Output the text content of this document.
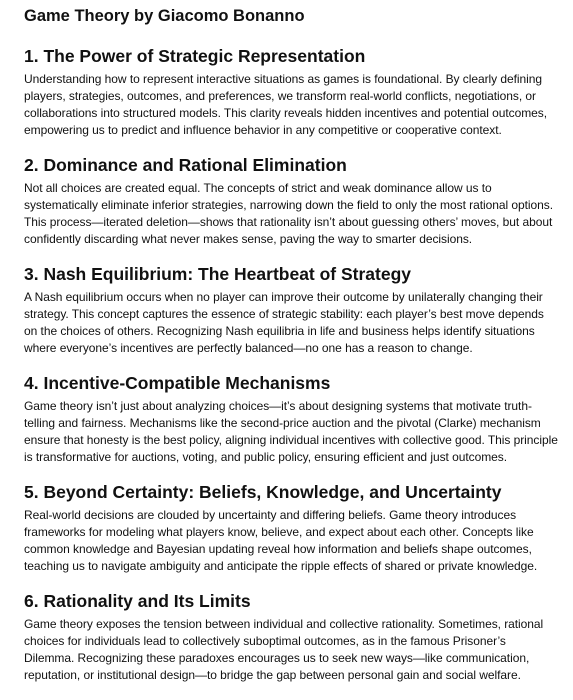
Game Theory by Giacomo Bonanno
1. The Power of Strategic Representation

Understanding how to represent interactive situations as games is foundational. By clearly defining players, strategies, outcomes, and preferences, we transform real-world conflicts, negotiations, or collaborations into structured models. This clarity reveals hidden incentives and potential outcomes, empowering us to predict and influence behavior in any competitive or cooperative context.

2. Dominance and Rational Elimination

Not all choices are created equal. The concepts of strict and weak dominance allow us to systematically eliminate inferior strategies, narrowing down the field to only the most rational options. This process—iterated deletion—shows that rationality isn’t about guessing others’ moves, but about confidently discarding what never makes sense, paving the way to smarter decisions.

3. Nash Equilibrium: The Heartbeat of Strategy

A Nash equilibrium occurs when no player can improve their outcome by unilaterally changing their strategy. This concept captures the essence of strategic stability: each player’s best move depends on the choices of others. Recognizing Nash equilibria in life and business helps identify situations where everyone’s incentives are perfectly balanced—no one has a reason to change.

4. Incentive-Compatible Mechanisms

Game theory isn’t just about analyzing choices—it’s about designing systems that motivate truth-telling and fairness. Mechanisms like the second-price auction and the pivotal (Clarke) mechanism ensure that honesty is the best policy, aligning individual incentives with collective good. This principle is transformative for auctions, voting, and public policy, ensuring efficient and just outcomes.

5. Beyond Certainty: Beliefs, Knowledge, and Uncertainty

Real-world decisions are clouded by uncertainty and differing beliefs. Game theory introduces frameworks for modeling what players know, believe, and expect about each other. Concepts like common knowledge and Bayesian updating reveal how information and beliefs shape outcomes, teaching us to navigate ambiguity and anticipate the ripple effects of shared or private knowledge.

6. Rationality and Its Limits

Game theory exposes the tension between individual and collective rationality. Sometimes, rational choices for individuals lead to collectively suboptimal outcomes, as in the famous Prisoner’s Dilemma. Recognizing these paradoxes encourages us to seek new ways—like communication, reputation, or institutional design—to bridge the gap between personal gain and social welfare.
